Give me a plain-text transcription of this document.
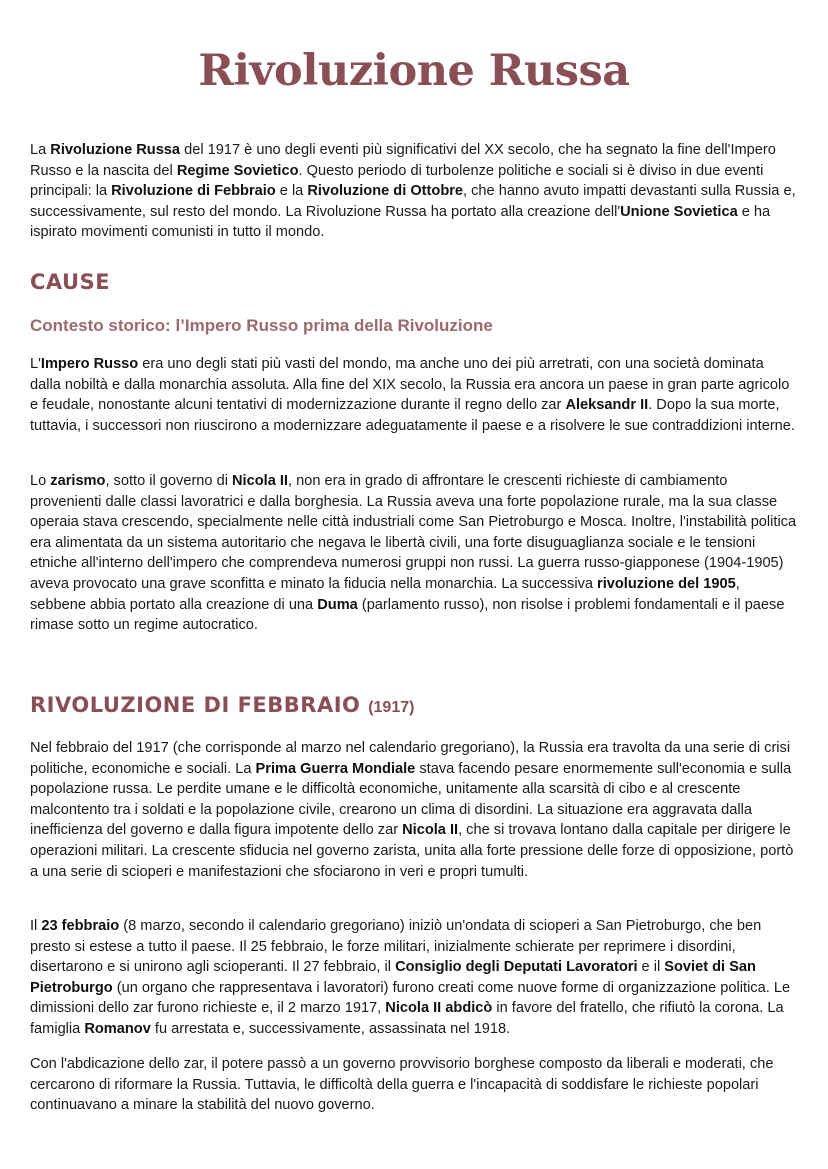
Rivoluzione Russa

La Rivoluzione Russa del 1917 è uno degli eventi più significativi del XX secolo, che ha segnato la fine dell'Impero Russo e la nascita del Regime Sovietico. Questo periodo di turbolenze politiche e sociali si è diviso in due eventi principali: la Rivoluzione di Febbraio e la Rivoluzione di Ottobre, che hanno avuto impatti devastanti sulla Russia e, successivamente, sul resto del mondo. La Rivoluzione Russa ha portato alla creazione dell'Unione Sovietica e ha ispirato movimenti comunisti in tutto il mondo.

CAUSE
Contesto storico: l’Impero Russo prima della Rivoluzione

L'Impero Russo era uno degli stati più vasti del mondo, ma anche uno dei più arretrati, con una società dominata dalla nobiltà e dalla monarchia assoluta. Alla fine del XIX secolo, la Russia era ancora un paese in gran parte agricolo e feudale, nonostante alcuni tentativi di modernizzazione durante il regno dello zar Aleksandr II. Dopo la sua morte, tuttavia, i successori non riuscirono a modernizzare adeguatamente il paese e a risolvere le sue contraddizioni interne.

Lo zarismo, sotto il governo di Nicola II, non era in grado di affrontare le crescenti richieste di cambiamento provenienti dalle classi lavoratrici e dalla borghesia. La Russia aveva una forte popolazione rurale, ma la sua classe operaia stava crescendo, specialmente nelle città industriali come San Pietroburgo e Mosca. Inoltre, l'instabilità politica era alimentata da un sistema autoritario che negava le libertà civili, una forte disuguaglianza sociale e le tensioni etniche all'interno dell'impero che comprendeva numerosi gruppi non russi. La guerra russo-giapponese (1904-1905) aveva provocato una grave sconfitta e minato la fiducia nella monarchia. La successiva rivoluzione del 1905, sebbene abbia portato alla creazione di una Duma (parlamento russo), non risolse i problemi fondamentali e il paese rimase sotto un regime autocratico.

RIVOLUZIONE DI FEBBRAIO (1917)

Nel febbraio del 1917 (che corrisponde al marzo nel calendario gregoriano), la Russia era travolta da una serie di crisi politiche, economiche e sociali. La Prima Guerra Mondiale stava facendo pesare enormemente sull'economia e sulla popolazione russa. Le perdite umane e le difficoltà economiche, unitamente alla scarsità di cibo e al crescente malcontento tra i soldati e la popolazione civile, crearono un clima di disordini. La situazione era aggravata dalla inefficienza del governo e dalla figura impotente dello zar Nicola II, che si trovava lontano dalla capitale per dirigere le operazioni militari. La crescente sfiducia nel governo zarista, unita alla forte pressione delle forze di opposizione, portò a una serie di scioperi e manifestazioni che sfociarono in veri e propri tumulti.

Il 23 febbraio (8 marzo, secondo il calendario gregoriano) iniziò un'ondata di scioperi a San Pietroburgo, che ben presto si estese a tutto il paese. Il 25 febbraio, le forze militari, inizialmente schierate per reprimere i disordini, disertarono e si unirono agli scioperanti. Il 27 febbraio, il Consiglio degli Deputati Lavoratori e il Soviet di San Pietroburgo (un organo che rappresentava i lavoratori) furono creati come nuove forme di organizzazione politica. Le dimissioni dello zar furono richieste e, il 2 marzo 1917, Nicola II abdicò in favore del fratello, che rifiutò la corona. La famiglia Romanov fu arrestata e, successivamente, assassinata nel 1918.

Con l'abdicazione dello zar, il potere passò a un governo provvisorio borghese composto da liberali e moderati, che cercarono di riformare la Russia. Tuttavia, le difficoltà della guerra e l'incapacità di soddisfare le richieste popolari continuavano a minare la stabilità del nuovo governo.
